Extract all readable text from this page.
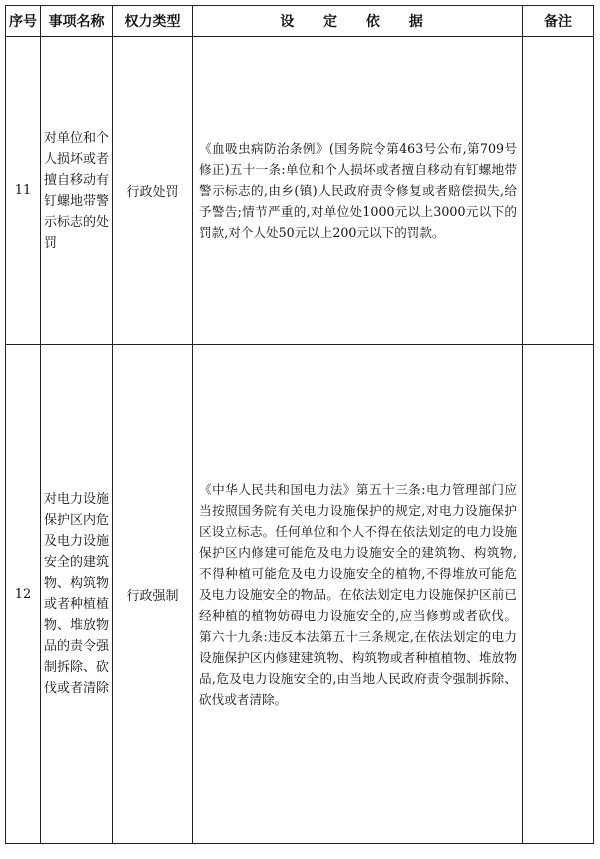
序号	事项名称	权力类型	设 定 依 据	备注
11	对单位和个人损坏或者擅自移动有钉螺地带警示标志的处罚	行政处罚	《血吸虫病防治条例》(国务院令第463号公布,第709号修正)五十一条:单位和个人损坏或者擅自移动有钉螺地带警示标志的,由乡(镇)人民政府责令修复或者赔偿损失,给予警告;情节严重的,对单位处1000元以上3000元以下的罚款,对个人处50元以上200元以下的罚款。	
12	对电力设施保护区内危及电力设施安全的建筑物、构筑物或者种植植物、堆放物品的责令强制拆除、砍伐或者清除	行政强制	《中华人民共和国电力法》第五十三条:电力管理部门应当按照国务院有关电力设施保护的规定,对电力设施保护区设立标志。任何单位和个人不得在依法划定的电力设施保护区内修建可能危及电力设施安全的建筑物、构筑物,不得种植可能危及电力设施安全的植物,不得堆放可能危及电力设施安全的物品。在依法划定电力设施保护区前已经种植的植物妨碍电力设施安全的,应当修剪或者砍伐。第六十九条:违反本法第五十三条规定,在依法划定的电力设施保护区内修建建筑物、构筑物或者种植植物、堆放物品,危及电力设施安全的,由当地人民政府责令强制拆除、砍伐或者清除。	
